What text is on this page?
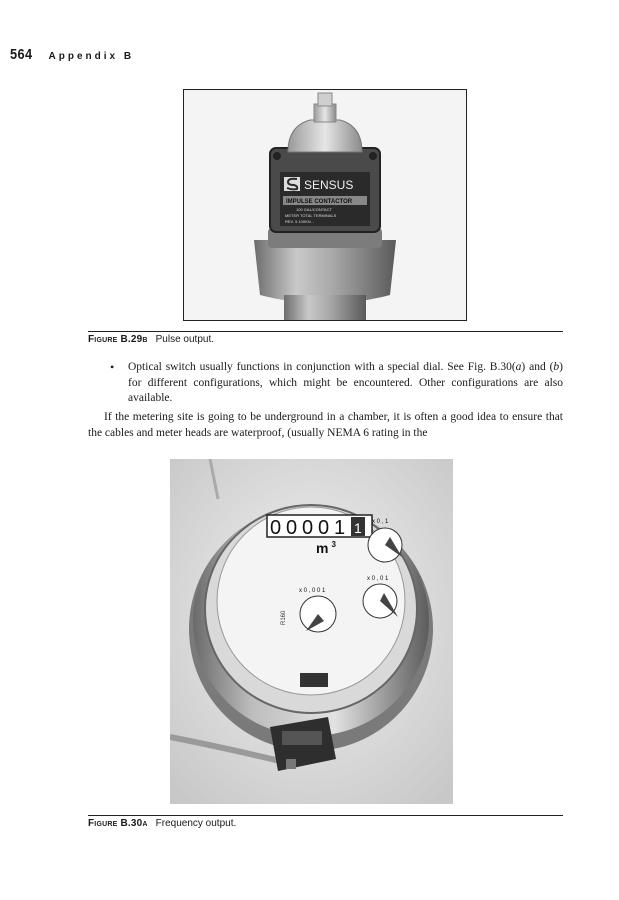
564 Appendix B
SENSUS
IMPULSE CONTACTOR
100 GAL/CONTACT
METER TOTAL TERMINALS
REV. 5 100KN...
Figure B.29b Pulse output.
•	Optical switch usually functions in conjunction with a special dial. See Fig. B.30(a) and (b) for different configurations, which might be encountered. Other configurations are also available.
If the metering site is going to be underground in a chamber, it is often a good idea to ensure that the cables and meter heads are waterproof, (usually NEMA 6 rating in the
0 0 0 0 1 1
m $^3$
x 0 , 1
x 0 , 0 1
x 0 , 0 0 1
R160
Figure B.30a Frequency output.
